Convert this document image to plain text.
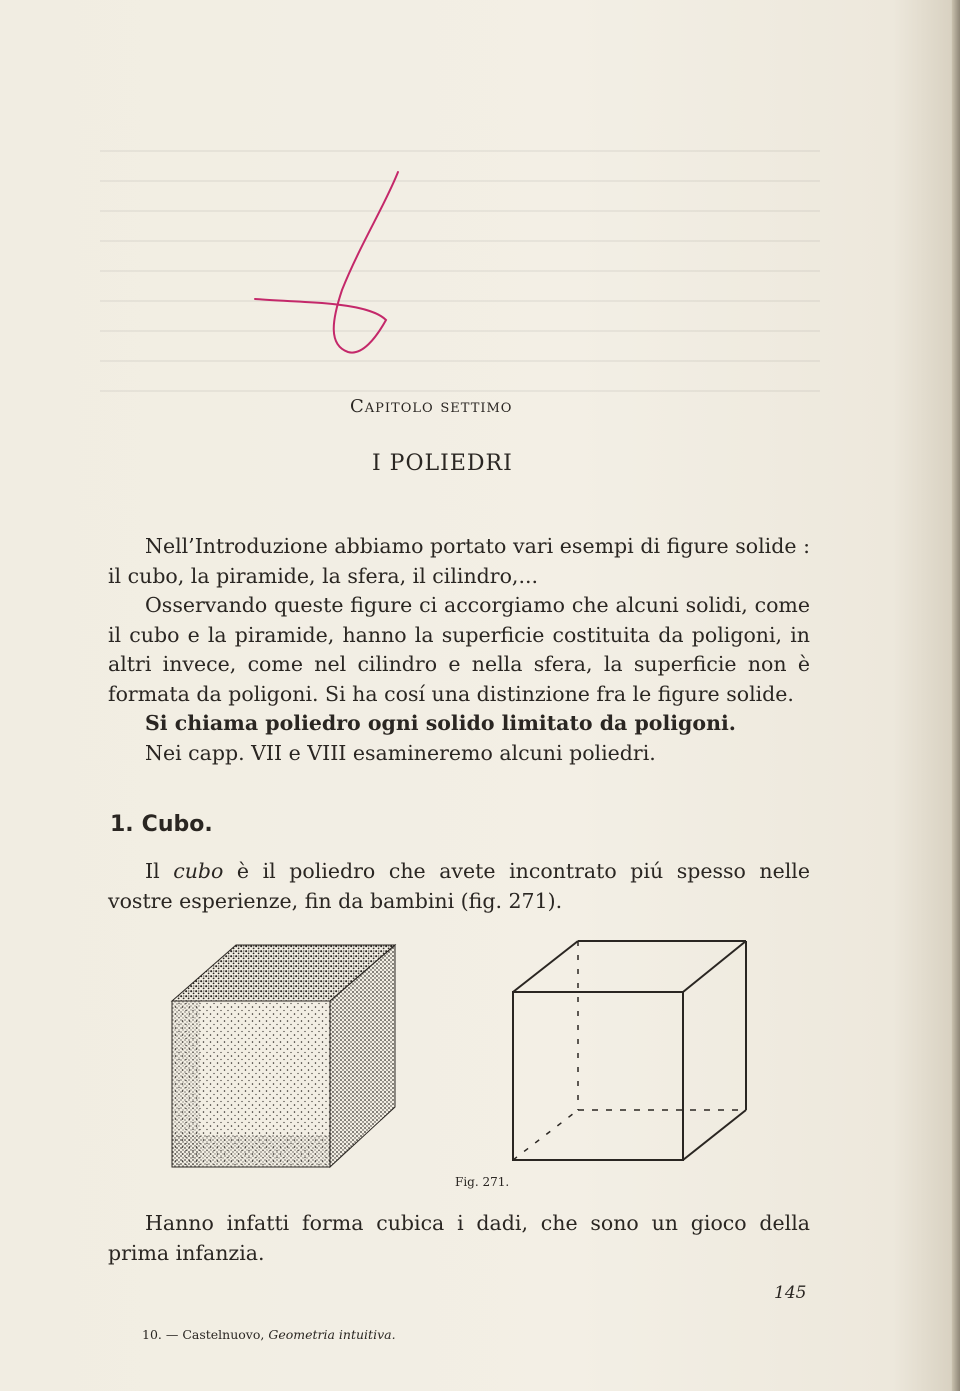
Capitolo settimo
I POLIEDRI
Nell’Introduzione abbiamo portato vari esempi di figure solide : il cubo, la piramide, la sfera, il cilindro,...
Osservando queste figure ci accorgiamo che alcuni solidi, come il cubo e la piramide, hanno la superficie costituita da poligoni, in altri invece, come nel cilindro e nella sfera, la superficie non è formata da poligoni. Si ha cosí una distinzione fra le figure solide.
Si chiama poliedro ogni solido limitato da poligoni.
Nei capp. VII e VIII esamineremo alcuni poliedri.
1. Cubo.
Il cubo è il poliedro che avete incontrato piú spesso nelle vostre esperienze, fin da bambini (fig. 271).
Fig. 271.
Hanno infatti forma cubica i dadi, che sono un gioco della prima infanzia.
145
10. — Castelnuovo, Geometria intuitiva.
